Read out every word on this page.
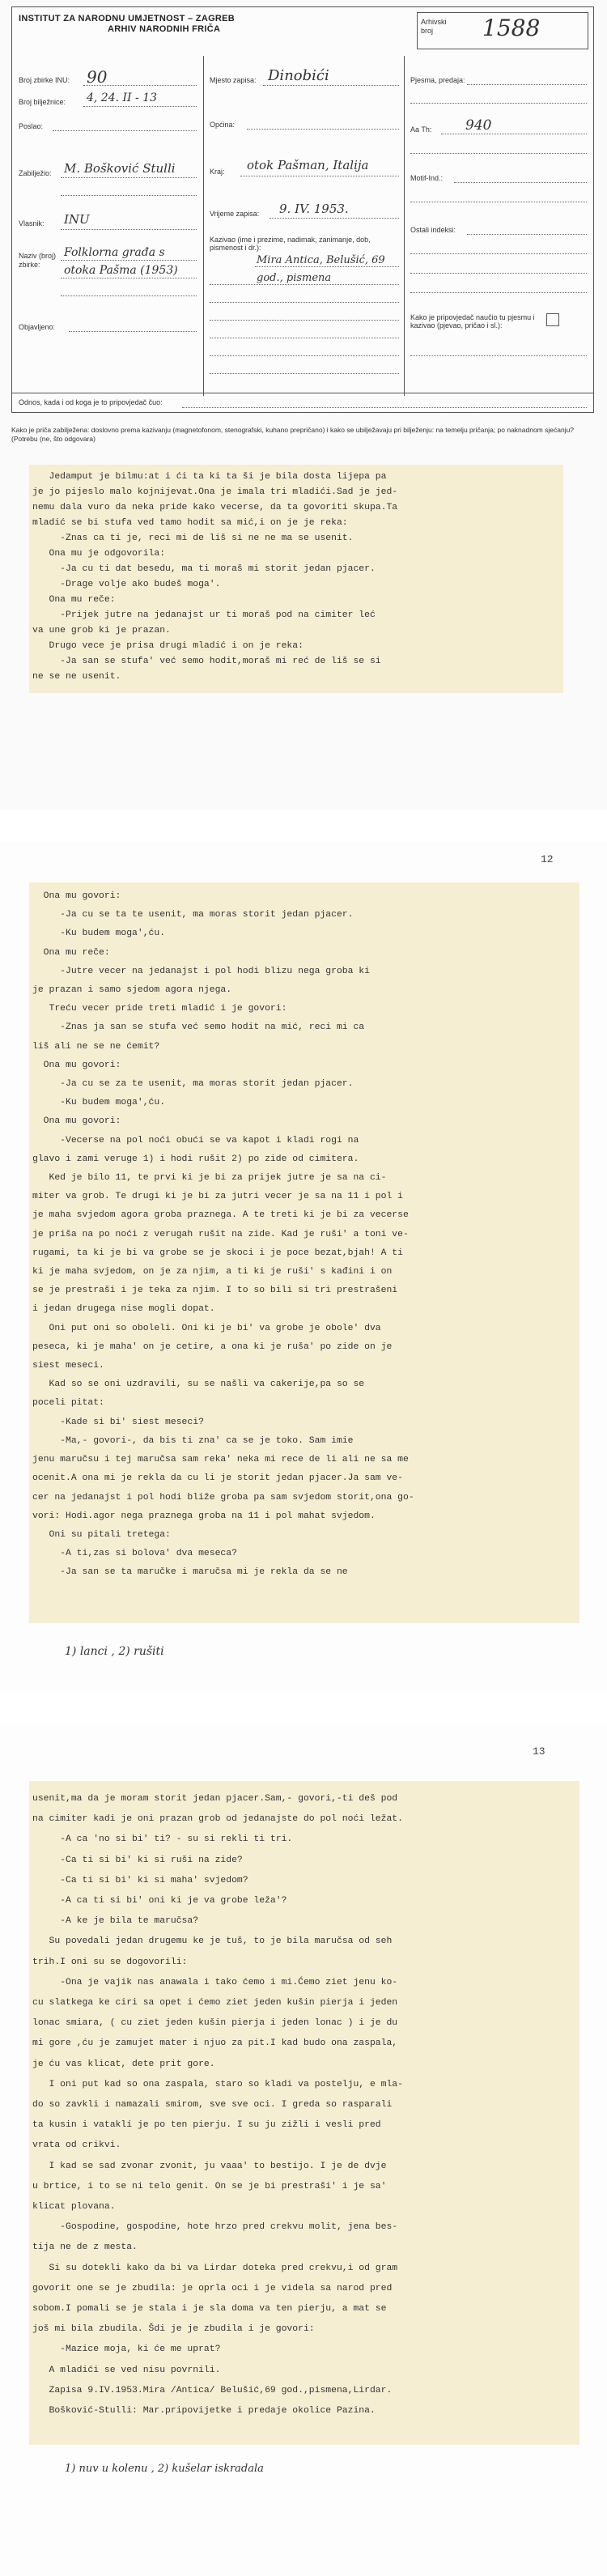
INSTITUT ZA NARODNU UMJETNOST – ZAGREB
ARHIV NARODNIH FRIČA
Arhivski broj	1588
Broj zbirke INU: 90
Broj bilježnice: 4, 24. II - 13
Poslao:
Zabilježio: M. Bošković Stulli
Vlasnik: INU
Naziv (broj) zbirke:
Folklorna građa s otoka Pašma (1953)
Objavljeno:
Mjesto zapisa: Dinobići
Općina:
Kraj: otok Pašman, Italija
Vrijeme zapisa: 9. IV. 1953.
Kazivao (ime i prezime, nadimak, zanimanje, dob, pismenost i dr.):
Mira Antica, Belušić, 69 god., pismena
Pjesma, predaja:
Aa Th: 940
Motif-Ind.:
Ostali indeksi:
Kako je pripovjedač naučio tu pjesmu i kazivao (pjevao, pričao i sl.):
Odnos, kada i od koga je to pripovjedač čuo:
Kako je priča zabilježena: doslovno prema kazivanju (magnetofonom, stenografski, kuhano prepričano) i kako se ubilježavaju pri bilježenju: na temelju pričanja; po naknadnom sjećanju? (Potrebu (ne, što odgovara)
Jedamput je bilmu:at i ći ta ki ta ši je bila dosta lijepa pa
je jo pijeslo malo kojnijevat.Ona je imala tri mladići.Sad je jed-
nemu dala vuro da neka pride kako vecerse, da ta govoriti skupa.Ta
mladić se bi stufa ved tamo hodit sa mić,i on je je reka:
-Znas ca ti je, reci mi de liš si ne ne ma se usenit.
Ona mu je odgovorila:
-Ja cu ti dat besedu, ma ti moraš mi storit jedan pjacer.
-Drage volje ako budeš moga'.
Ona mu reče:
-Prijek jutre na jedanajst ur ti moraš pod na cimiter leć
va une grob ki je prazan.
Drugo vece je prisa drugi mladić i on je reka:
-Ja san se stufa' već semo hodit,moraš mi reć de liš se si
ne se ne usenit.
12
Ona mu govori:
-Ja cu se ta te usenit, ma moras storit jedan pjacer.
-Ku budem moga',ću.
Ona mu reče:
-Jutre vecer na jedanajst i pol hodi blizu nega groba ki
je prazan i samo sjedom agora njega.
Treću vecer pride treti mladić i je govori:
-Znas ja san se stufa već semo hodit na mić, reci mi ca
liš ali ne se ne ćemit?
Ona mu govori:
-Ja cu se za te usenit, ma moras storit jedan pjacer.
-Ku budem moga',ću.
Ona mu govori:
-Vecerse na pol noći obući se va kapot i kladi rogi na
glavo i zami veruge 1) i hodi rušit 2) po zide od cimitera.
Ked je bilo 11, te prvi ki je bi za prijek jutre je sa na ci-
miter va grob. Te drugi ki je bi za jutri vecer je sa na 11 i pol i
je maha svjedom agora groba praznega. A te treti ki je bi za vecerse
je priša na po noći z verugah rušit na zide. Kad je ruši' a toni ve-
rugami, ta ki je bi va grobe se je skoci i je poce bezat,bjah! A ti
ki je maha svjedom, on je za njim, a ti ki je ruši' s kađini i on
se je prestraši i je teka za njim. I to so bili si tri prestrašeni
i jedan drugega nise mogli dopat.
Oni put oni so oboleli. Oni ki je bi' va grobe je obole' dva
peseca, ki je maha' on je cetire, a ona ki je ruša' po zide on je
siest meseci.
Kad so se oni uzdravili, su se našli va cakerije,pa so se
poceli pitat:
-Kade si bi' siest meseci?
-Ma,- govori-, da bis ti zna' ca se je toko. Sam imie
jenu maručsu i tej maručsa sam reka' neka mi rece de li ali ne sa me
ocenit.A ona mi je rekla da cu li je storit jedan pjacer.Ja sam ve-
cer na jedanajst i pol hodi bliže groba pa sam svjedom storit,ona go-
vori: Hodi.agor nega praznega groba na 11 i pol mahat svjedom.
Oni su pitali tretega:
-A ti,zas si bolova' dva meseca?
-Ja san se ta maručke i maručsa mi je rekla da se ne
1) lanci , 2) rušiti
13
usenit,ma da je moram storit jedan pjacer.Sam,- govori,-ti deš pod
na cimiter kadi je oni prazan grob od jedanajste do pol noći ležat.
-A ca 'no si bi' ti? - su si rekli ti tri.
-Ca ti si bi' ki si ruši na zide?
-Ca ti si bi' ki si maha' svjedom?
-A ca ti si bi' oni ki je va grobe leža'?
-A ke je bila te maručsa?
Su povedali jedan drugemu ke je tuš, to je bila maručsa od seh
trih.I oni su se dogovorili:
-Ona je vajik nas anawala i tako ćemo i mi.Ćemo ziet jenu ko-
cu slatkega ke ciri sa opet i ćemo ziet jeden kušin pierja i jeden
lonac smiara, ( cu ziet jeden kušin pierja i jeden lonac ) i je du
mi gore ,ću je zamujet mater i njuo za pit.I kad budo ona zaspala,
je ću vas klicat, dete prit gore.
I oni put kad so ona zaspala, staro so kladi va postelju, e mla-
do so zavkli i namazali smirom, sve sve oci. I greda so rasparali
ta kusin i vataklí je po ten pierju. I su ju zižli i vesli pred
vrata od crikvi.
I kad se sad zvonar zvonit, ju vaaa' to bestijo. I je de dvje
u brtice, i to se ni telo genit. On se je bi prestraši' i je sa'
klicat plovana.
-Gospodine, gospodine, hote hrzo pred crekvu molit, jena bes-
tija ne de z mesta.
Si su dotekli kako da bi va Lirdar doteka pred crekvu,i od gram
govorit one se je zbudila: je oprla oci i je videla sa narod pred
sobom.I pomali se je stala i je sla doma va ten pierju, a mat se
još mi bila zbudila. Šdi je je zbudila i je govori:
-Mazice moja, ki će me uprat?
A mladići se ved nisu povrnili.
Zapisa 9.IV.1953.Mira /Antica/ Belušić,69 god.,pismena,Lirdar.
Bošković-Stulli: Mar.pripovijetke i predaje okolice Pazina.
1) nuv u kolenu , 2) kušelar iskradala
